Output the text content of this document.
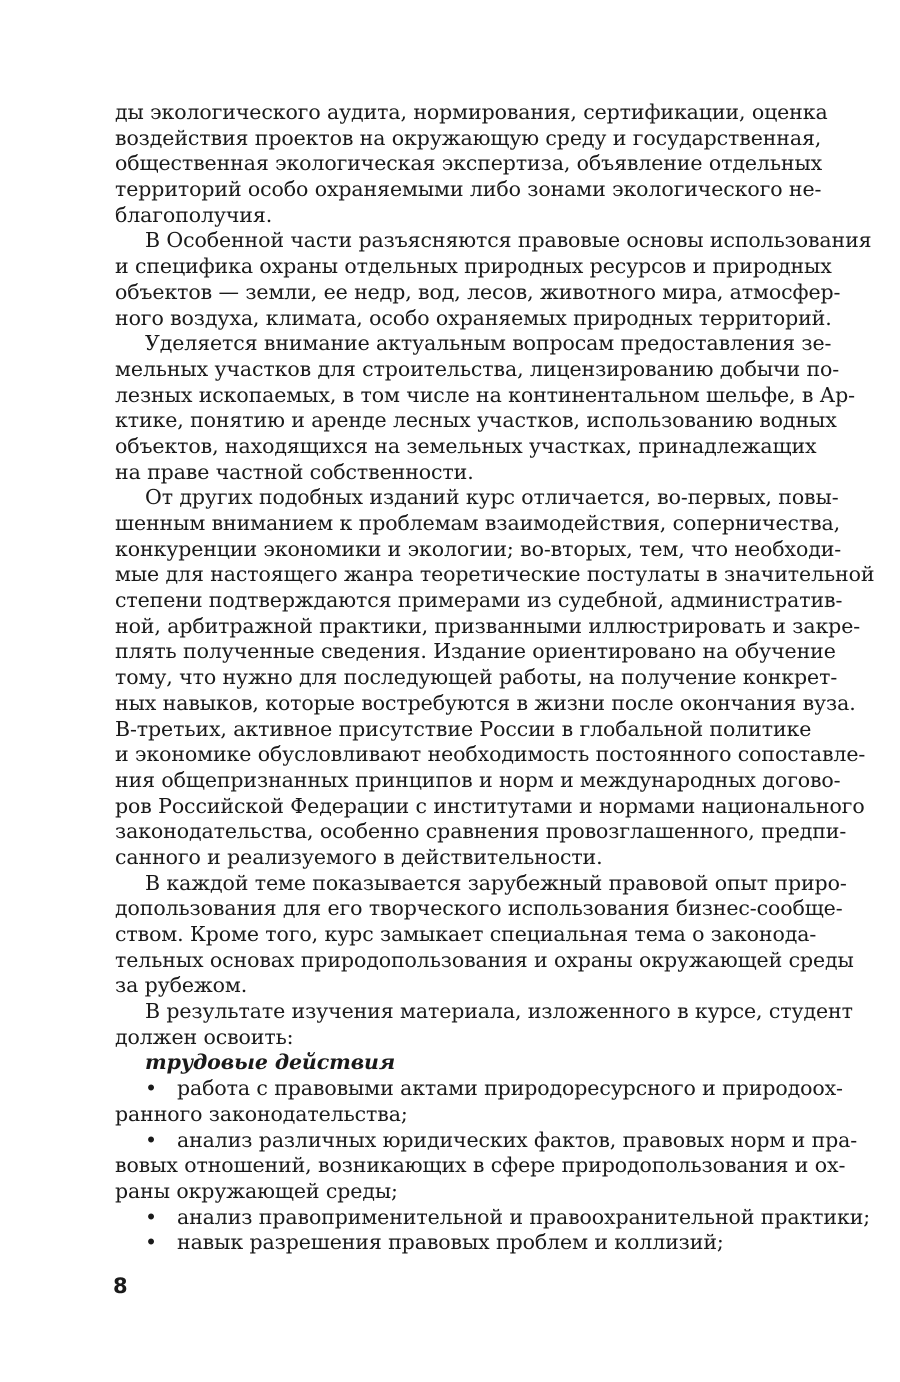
ды экологического аудита, нормирования, сертификации, оценка
воздействия проектов на окружающую среду и государственная,
общественная экологическая экспертиза, объявление отдельных
территорий особо охраняемыми либо зонами экологического не-
благополучия.
В Особенной части разъясняются правовые основы использования
и специфика охраны отдельных природных ресурсов и природных
объектов — земли, ее недр, вод, лесов, животного мира, атмосфер-
ного воздуха, климата, особо охраняемых природных территорий.
Уделяется внимание актуальным вопросам предоставления зе-
мельных участков для строительства, лицензированию добычи по-
лезных ископаемых, в том числе на континентальном шельфе, в Ар-
ктике, понятию и аренде лесных участков, использованию водных
объектов, находящихся на земельных участках, принадлежащих
на праве частной собственности.
От других подобных изданий курс отличается, во-первых, повы-
шенным вниманием к проблемам взаимодействия, соперничества,
конкуренции экономики и экологии; во-вторых, тем, что необходи-
мые для настоящего жанра теоретические постулаты в значительной
степени подтверждаются примерами из судебной, административ-
ной, арбитражной практики, призванными иллюстрировать и закре-
плять полученные сведения. Издание ориентировано на обучение
тому, что нужно для последующей работы, на получение конкрет-
ных навыков, которые востребуются в жизни после окончания вуза.
В-третьих, активное присутствие России в глобальной политике
и экономике обусловливают необходимость постоянного сопоставле-
ния общепризнанных принципов и норм и международных догово-
ров Российской Федерации с институтами и нормами национального
законодательства, особенно сравнения провозглашенного, предпи-
санного и реализуемого в действительности.
В каждой теме показывается зарубежный правовой опыт приро-
допользования для его творческого использования бизнес-сообще-
ством. Кроме того, курс замыкает специальная тема о законода-
тельных основах природопользования и охраны окружающей среды
за рубежом.
В результате изучения материала, изложенного в курсе, студент
должен освоить:
трудовые действия
• работа с правовыми актами природоресурсного и природоох-
ранного законодательства;
• анализ различных юридических фактов, правовых норм и пра-
вовых отношений, возникающих в сфере природопользования и ох-
раны окружающей среды;
• анализ правоприменительной и правоохранительной практики;
• навык разрешения правовых проблем и коллизий;
8
